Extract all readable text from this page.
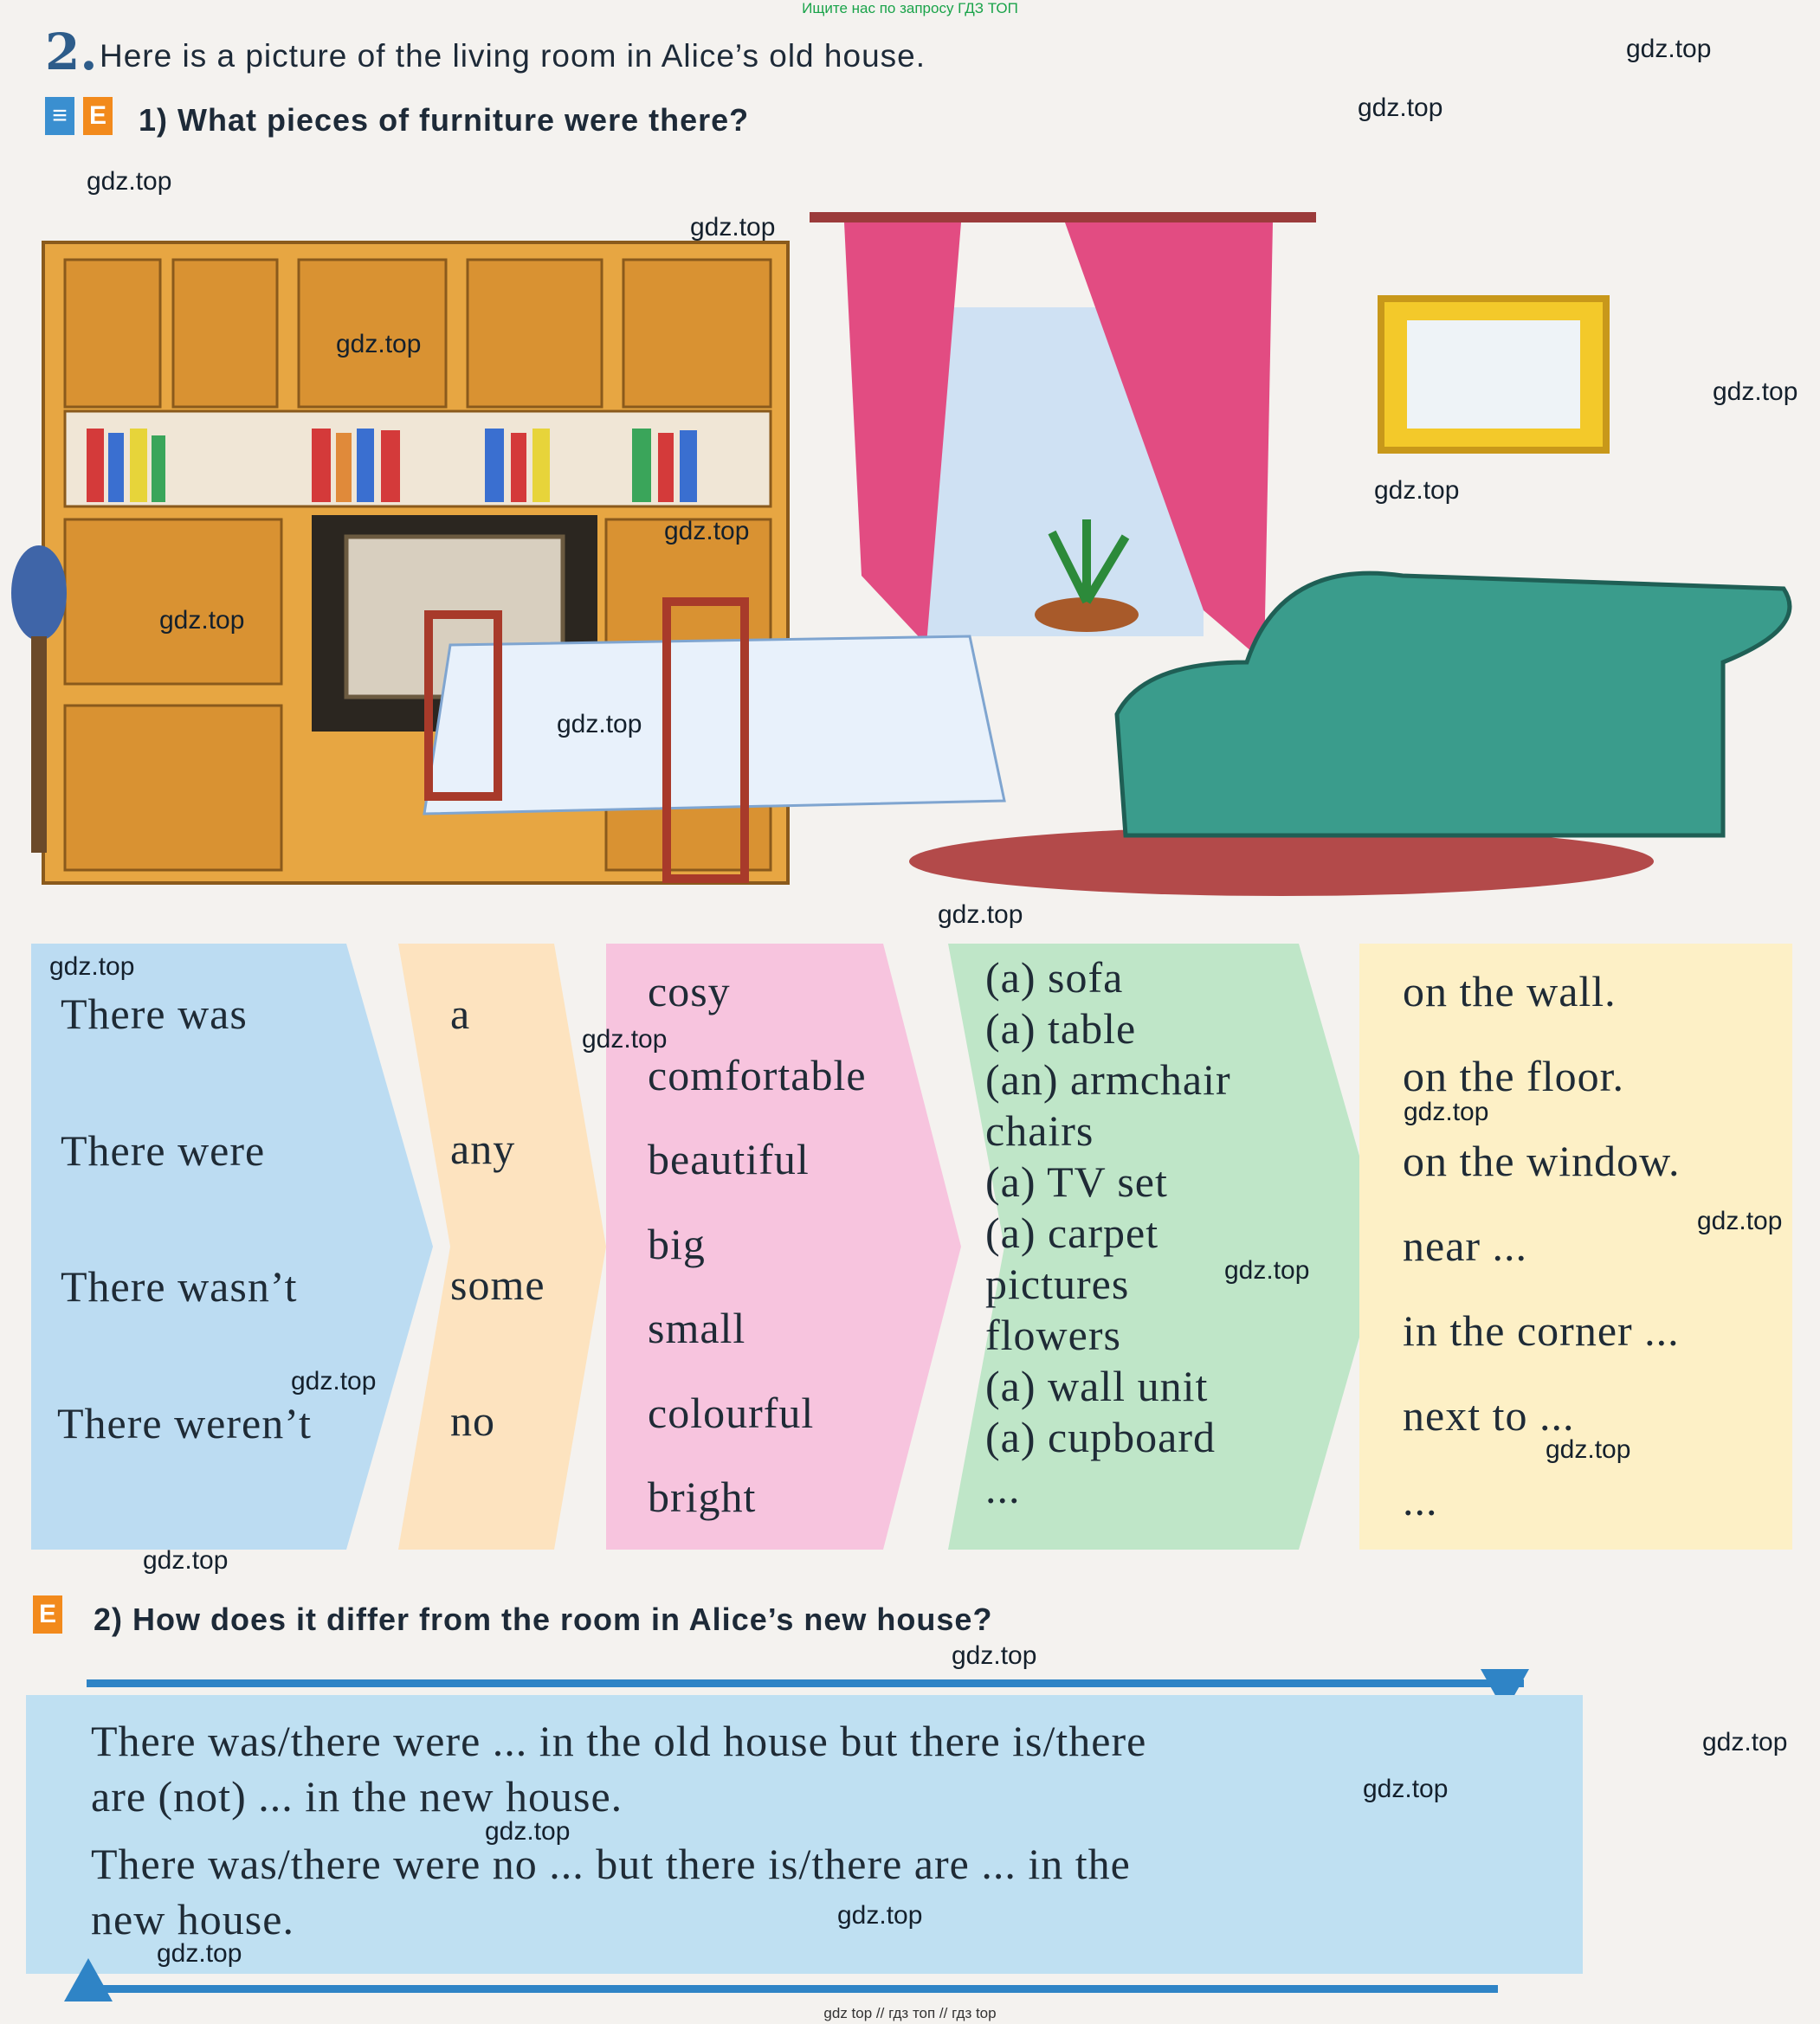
Ищите нас по запросу ГДЗ ТОП
2. Here is a picture of the living room in Alice’s old house.
≡ E 1) What pieces of furniture were there?
There was
There were
There wasn’t
There weren’t
a
any
some
no
cosy
comfortable
beautiful
big
small
colourful
bright
(a) sofa
(a) table
(an) armchair
chairs
(a) TV set
(a) carpet
pictures
flowers
(a) wall unit
(a) cupboard
...
on the wall.
on the floor.
on the window.
near ...
in the corner ...
next to ...
...
E 2) How does it differ from the room in Alice’s new house?
There was/there were ... in the old house but there is/there
are (not) ... in the new house.
There was/there were no ... but there is/there are ... in the
new house.
gdz.top
gdz.top
gdz.top
gdz.top
gdz.top
gdz.top
gdz.top
gdz.top
gdz.top
gdz.top
gdz.top
gdz.top
gdz.top
gdz.top
gdz.top
gdz.top
gdz.top
gdz.top
gdz.top
gdz.top
gdz.top
gdz.top
gdz.top
gdz.top
gdz.top
gdz top // гдз топ // гдз top
